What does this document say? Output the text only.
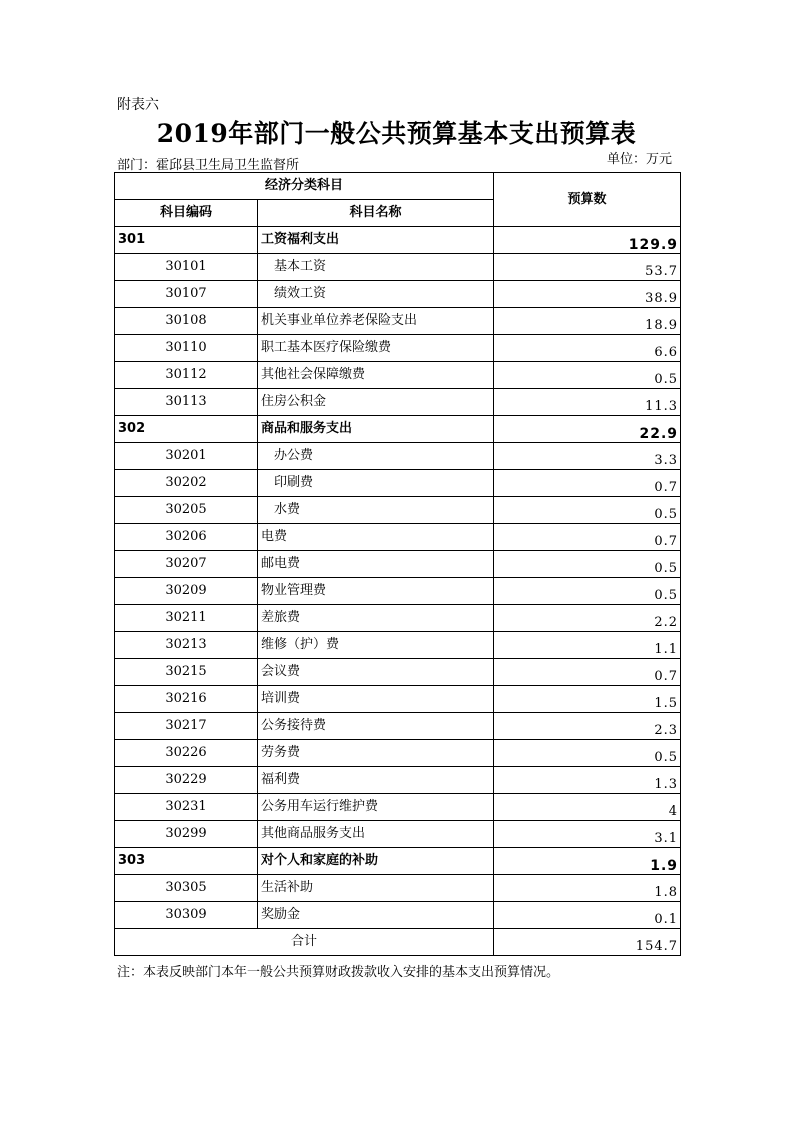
附表六
2019年部门一般公共预算基本支出预算表
部门：霍邱县卫生局卫生监督所	单位：万元
经济分类科目		预算数
科目编码	科目名称	
301	工资福利支出	129.9
30101	基本工资	53.7
30107	绩效工资	38.9
30108	机关事业单位养老保险支出	18.9
30110	职工基本医疗保险缴费	6.6
30112	其他社会保障缴费	0.5
30113	住房公积金	11.3
302	商品和服务支出	22.9
30201	办公费	3.3
30202	印刷费	0.7
30205	水费	0.5
30206	电费	0.7
30207	邮电费	0.5
30209	物业管理费	0.5
30211	差旅费	2.2
30213	维修（护）费	1.1
30215	会议费	0.7
30216	培训费	1.5
30217	公务接待费	2.3
30226	劳务费	0.5
30229	福利费	1.3
30231	公务用车运行维护费	4
30299	其他商品服务支出	3.1
303	对个人和家庭的补助	1.9
30305	生活补助	1.8
30309	奖励金	0.1
合计		154.7
注：本表反映部门本年一般公共预算财政拨款收入安排的基本支出预算情况。
